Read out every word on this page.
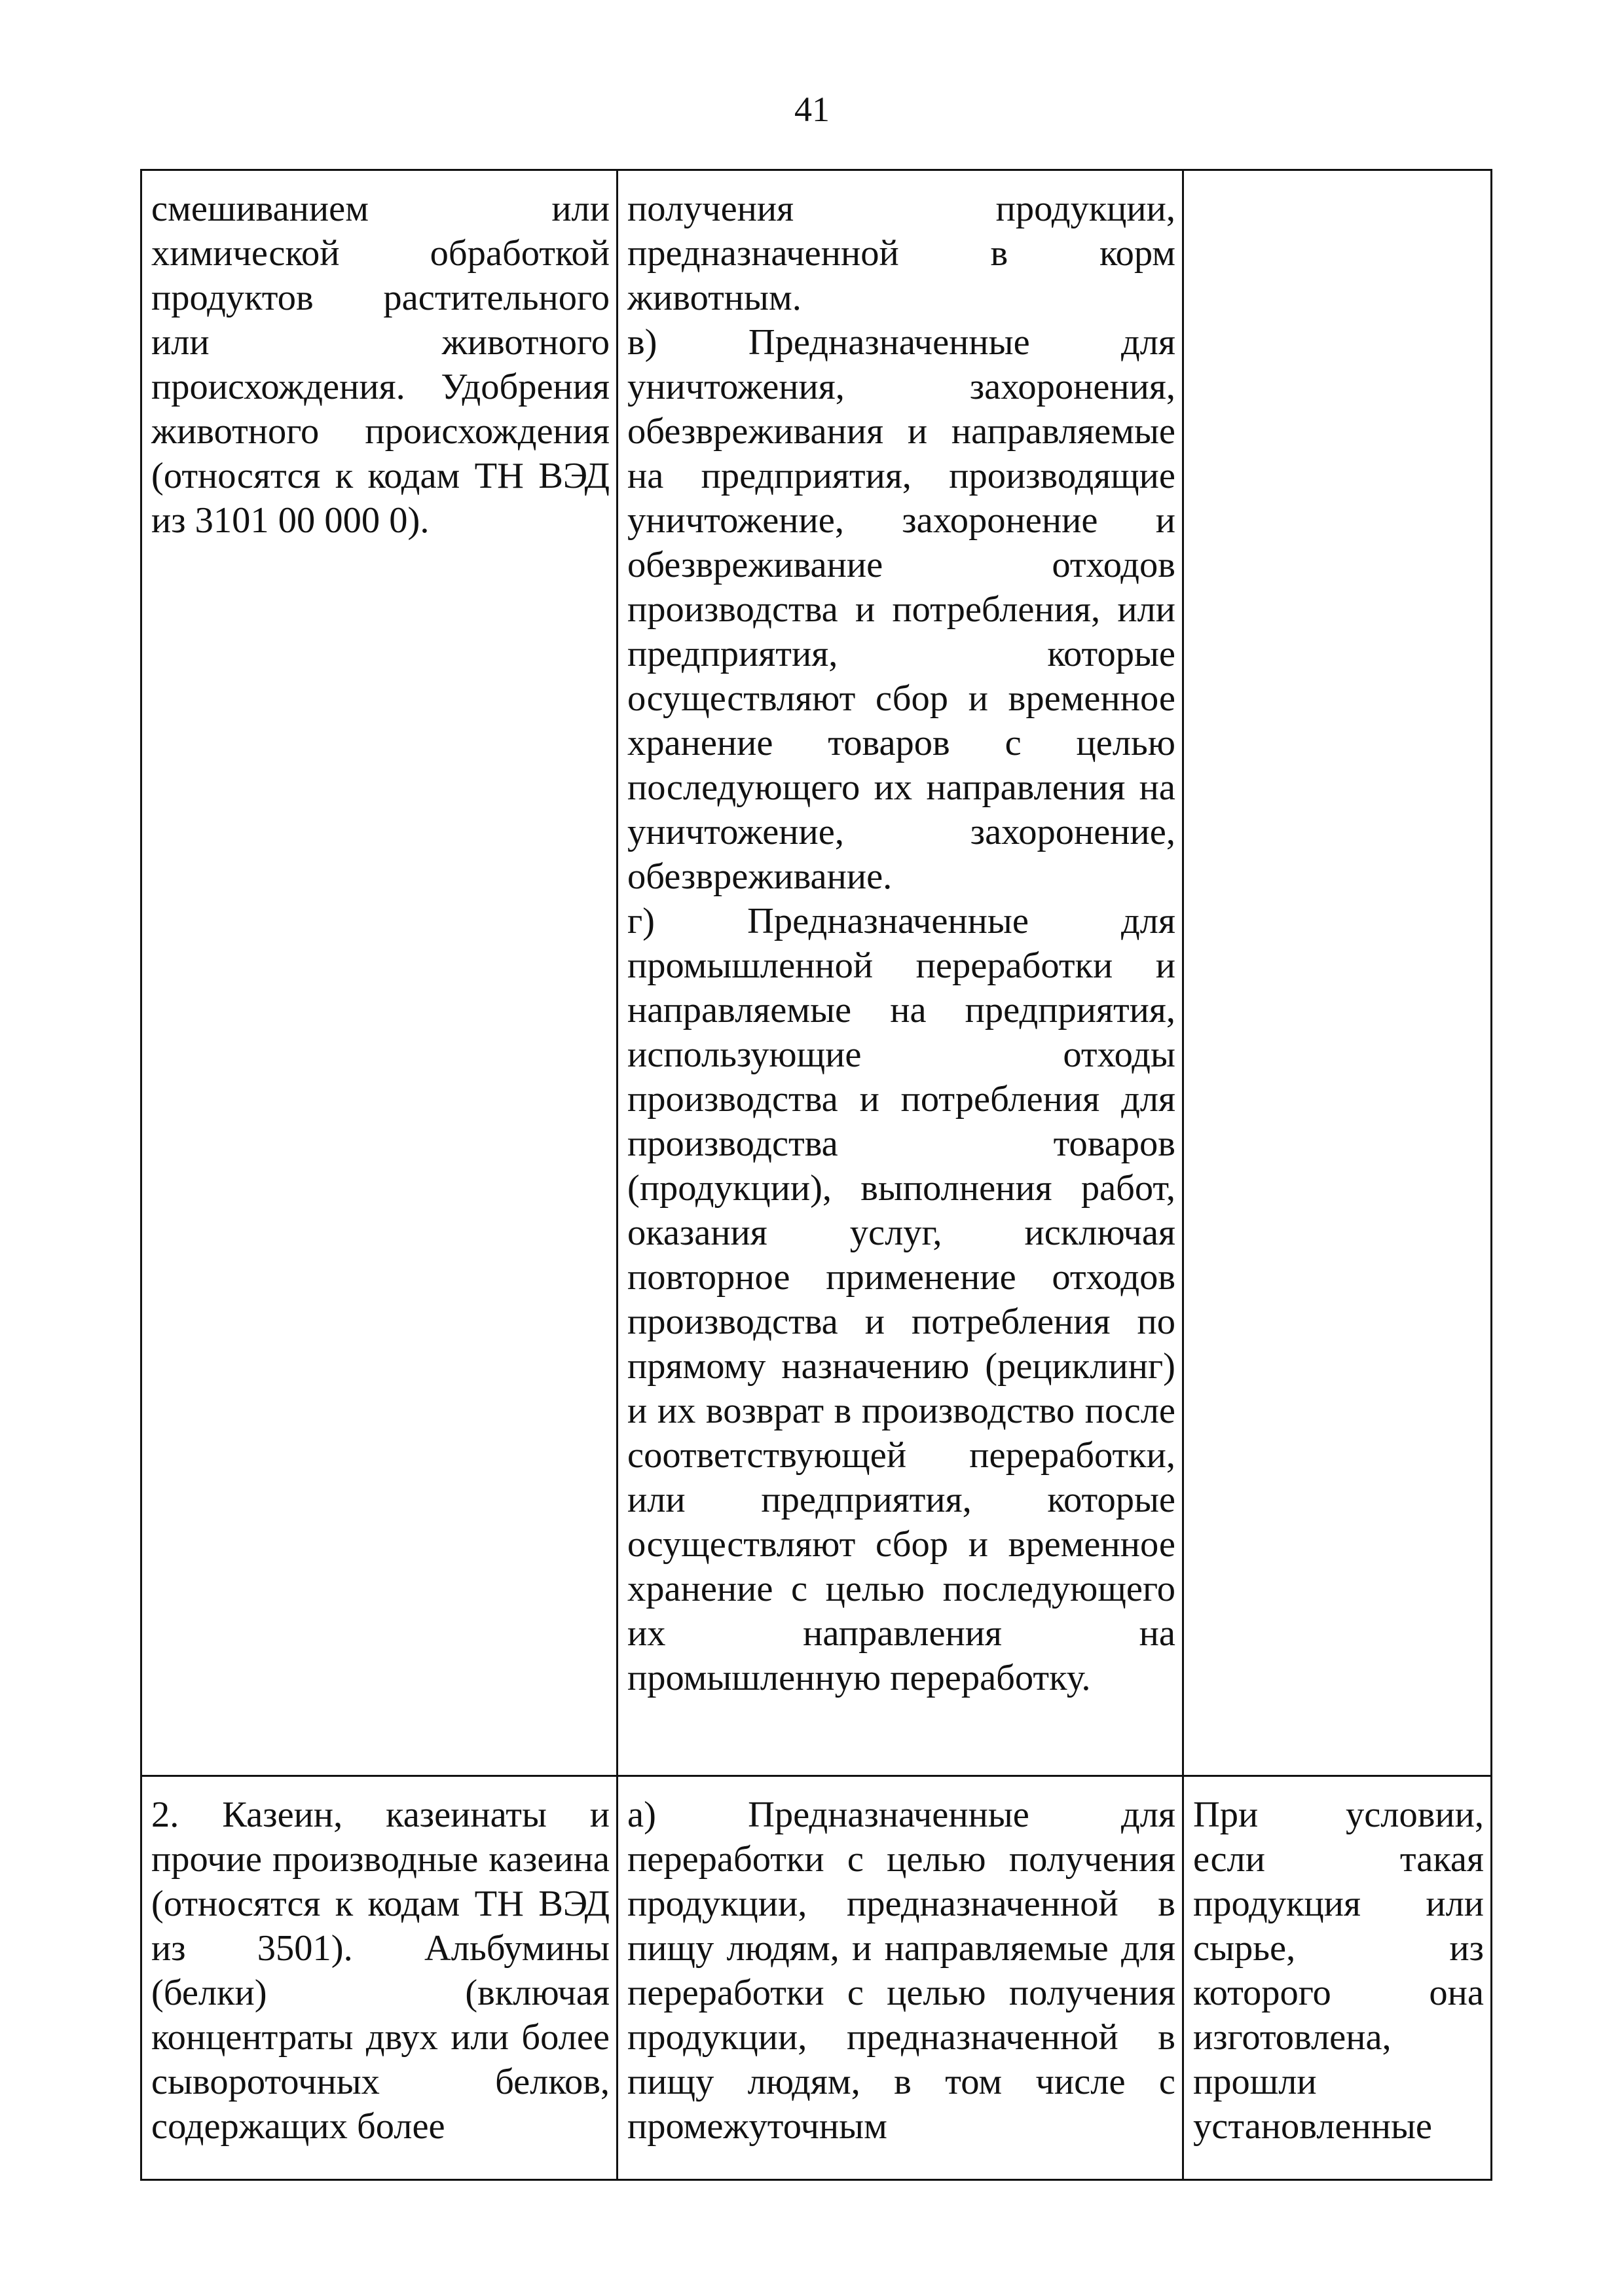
41
смешиванием или химической обработкой продуктов растительного или животного происхождения. Удобрения животного происхождения (относятся к кодам ТН ВЭД из 3101 00 000 0).	получения продукции, предназначенной в корм животным.
в) Предназначенные для уничтожения, захоронения, обезвреживания и направляемые на предприятия, производящие уничтожение, захоронение и обезвреживание отходов производства и потребления, или предприятия, которые осуществляют сбор и временное хранение товаров с целью последующего их направления на уничтожение, захоронение, обезвреживание.
г) Предназначенные для промышленной переработки и направляемые на предприятия, использующие отходы производства и потребления для производства товаров (продукции), выполнения работ, оказания услуг, исключая повторное применение отходов производства и потребления по прямому назначению (рециклинг) и их возврат в производство после соответствующей переработки, или предприятия, которые осуществляют сбор и временное хранение с целью последующего их направления на промышленную переработку.	

2. Казеин, казеинаты и прочие производные казеина (относятся к кодам ТН ВЭД из 3501). Альбумины (белки) (включая концентраты двух или более сывороточных белков, содержащих более	а) Предназначенные для переработки с целью получения продукции, предназначенной в пищу людям, и направляемые для переработки с целью получения продукции, предназначенной в пищу людям, в том числе с промежуточным	При условии, если такая продукция или сырье, из которого она изготовлена, прошли установленные
